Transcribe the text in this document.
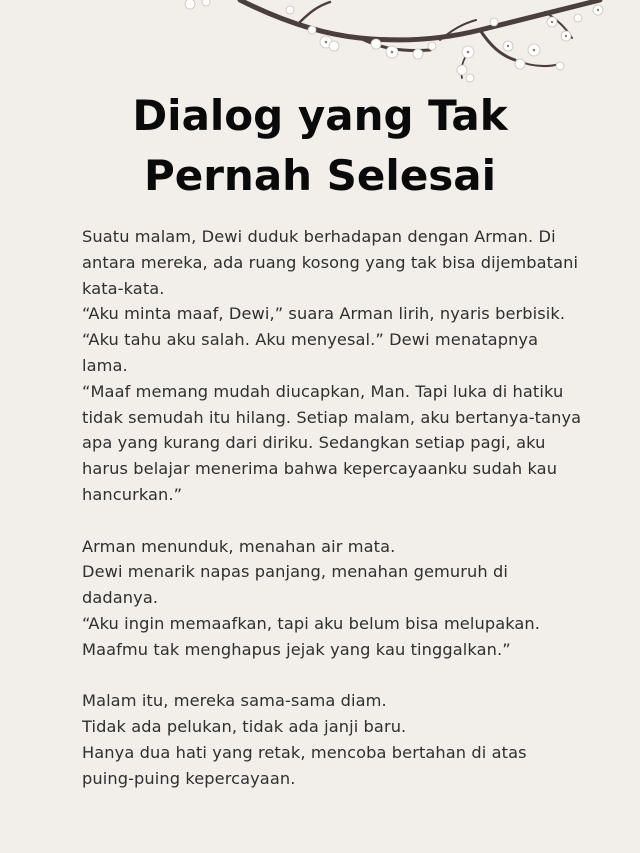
Dialog yang Tak
Pernah Selesai

Suatu malam, Dewi duduk berhadapan dengan Arman. Di antara mereka, ada ruang kosong yang tak bisa dijembatani kata-kata.

“Aku minta maaf, Dewi,” suara Arman lirih, nyaris berbisik.

“Aku tahu aku salah. Aku menyesal.” Dewi menatapnya lama.

“Maaf memang mudah diucapkan, Man. Tapi luka di hatiku tidak semudah itu hilang. Setiap malam, aku bertanya-tanya apa yang kurang dari diriku. Sedangkan setiap pagi, aku harus belajar menerima bahwa kepercayaanku sudah kau hancurkan.”

Arman menunduk, menahan air mata.

Dewi menarik napas panjang, menahan gemuruh di dadanya.

“Aku ingin memaafkan, tapi aku belum bisa melupakan. Maafmu tak menghapus jejak yang kau tinggalkan.”

Malam itu, mereka sama-sama diam.

Tidak ada pelukan, tidak ada janji baru.

Hanya dua hati yang retak, mencoba bertahan di atas puing-puing kepercayaan.
